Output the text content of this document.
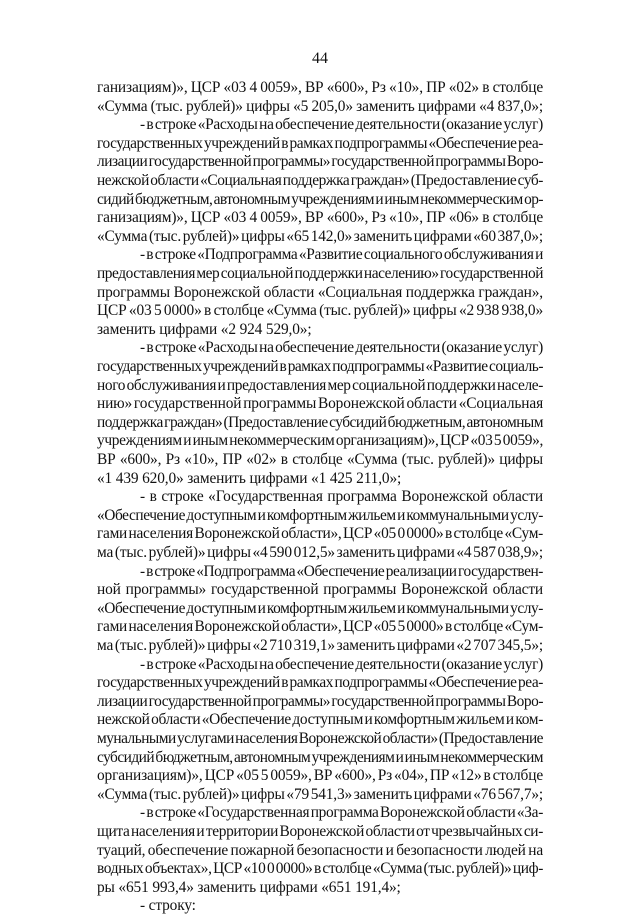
44
ганизациям)», ЦСР «03 4 0059», ВР «600», Рз «10», ПР «02» в столбце
«Сумма (тыс. рублей)» цифры «5 205,0» заменить цифрами «4 837,0»;
- в строке «Расходы на обеспечение деятельности (оказание услуг)
государственных учреждений в рамках подпрограммы «Обеспечение реа-
лизации государственной программы» государственной программы Воро-
нежской области «Социальная поддержка граждан» (Предоставление суб-
сидий бюджетным, автономным учреждениям и иным некоммерческим ор-
ганизациям)», ЦСР «03 4 0059», ВР «600», Рз «10», ПР «06» в столбце
«Сумма (тыс. рублей)» цифры «65 142,0» заменить цифрами «60 387,0»;
- в строке «Подпрограмма «Развитие социального обслуживания и
предоставления мер социальной поддержки населению» государственной
программы Воронежской области «Социальная поддержка граждан»,
ЦСР «03 5 0000» в столбце «Сумма (тыс. рублей)» цифры «2 938 938,0»
заменить цифрами «2 924 529,0»;
- в строке «Расходы на обеспечение деятельности (оказание услуг)
государственных учреждений в рамках подпрограммы «Развитие социаль-
ного обслуживания и предоставления мер социальной поддержки населе-
нию» государственной программы Воронежской области «Социальная
поддержка граждан» (Предоставление субсидий бюджетным, автономным
учреждениям и иным некоммерческим организациям)», ЦСР «03 5 0059»,
ВР «600», Рз «10», ПР «02» в столбце «Сумма (тыс. рублей)» цифры
«1 439 620,0» заменить цифрами «1 425 211,0»;
- в строке «Государственная программа Воронежской области
«Обеспечение доступным и комфортным жильем и коммунальными услу-
гами населения Воронежской области», ЦСР «05 0 0000» в столбце «Сум-
ма (тыс. рублей)» цифры «4 590 012,5» заменить цифрами «4 587 038,9»;
- в строке «Подпрограмма «Обеспечение реализации государствен-
ной программы» государственной программы Воронежской области
«Обеспечение доступным и комфортным жильем и коммунальными услу-
гами населения Воронежской области», ЦСР «05 5 0000» в столбце «Сум-
ма (тыс. рублей)» цифры «2 710 319,1» заменить цифрами «2 707 345,5»;
- в строке «Расходы на обеспечение деятельности (оказание услуг)
государственных учреждений в рамках подпрограммы «Обеспечение реа-
лизации государственной программы» государственной программы Воро-
нежской области «Обеспечение доступным и комфортным жильем и ком-
мунальными услугами населения Воронежской области» (Предоставление
субсидий бюджетным, автономным учреждениям и иным некоммерческим
организациям)», ЦСР «05 5 0059», ВР «600», Рз «04», ПР «12» в столбце
«Сумма (тыс. рублей)» цифры «79 541,3» заменить цифрами «76 567,7»;
- в строке «Государственная программа Воронежской области «За-
щита населения и территории Воронежской области от чрезвычайных си-
туаций, обеспечение пожарной безопасности и безопасности людей на
водных объектах», ЦСР «10 0 0000» в столбце «Сумма (тыс. рублей)» циф-
ры «651 993,4» заменить цифрами «651 191,4»;
- строку:
